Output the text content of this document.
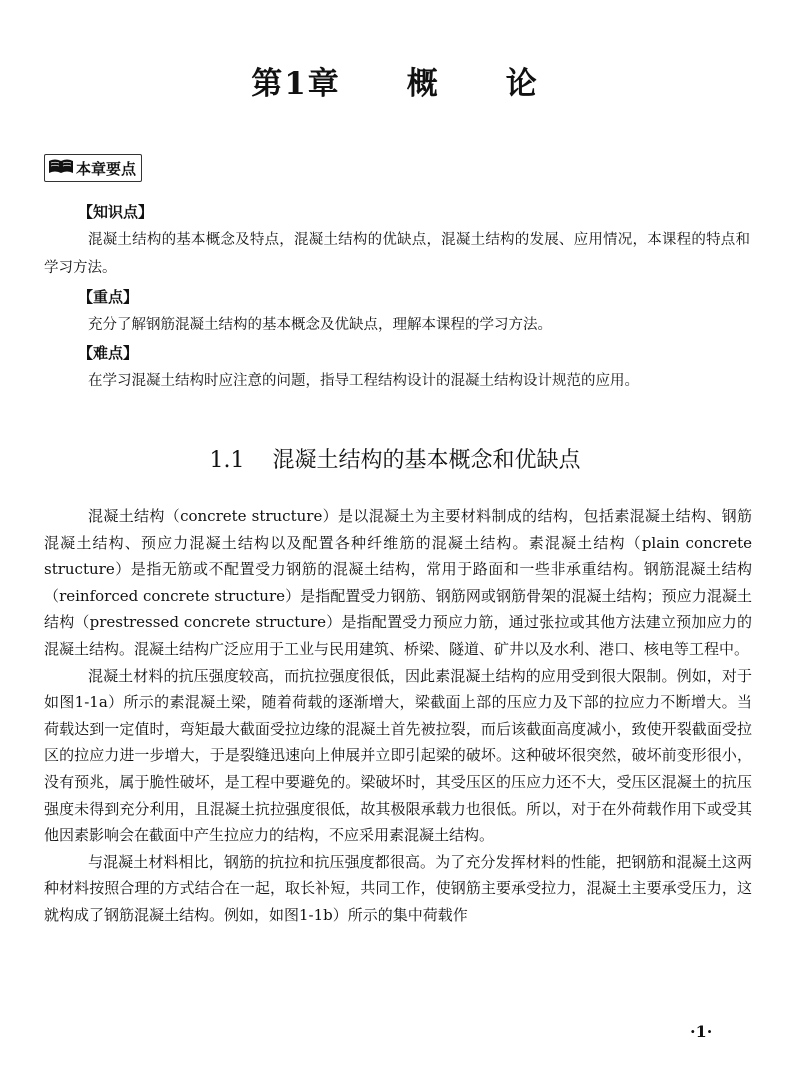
第1章 概 论
本章要点
【知识点】

混凝土结构的基本概念及特点，混凝土结构的优缺点，混凝土结构的发展、应用情况，本课程的特点和学习方法。

【重点】

充分了解钢筋混凝土结构的基本概念及优缺点，理解本课程的学习方法。

【难点】

在学习混凝土结构时应注意的问题，指导工程结构设计的混凝土结构设计规范的应用。

1.1 混凝土结构的基本概念和优缺点

混凝土结构（concrete structure）是以混凝土为主要材料制成的结构，包括素混凝土结构、钢筋混凝土结构、预应力混凝土结构以及配置各种纤维筋的混凝土结构。素混凝土结构（plain concrete structure）是指无筋或不配置受力钢筋的混凝土结构，常用于路面和一些非承重结构。钢筋混凝土结构（reinforced concrete structure）是指配置受力钢筋、钢筋网或钢筋骨架的混凝土结构；预应力混凝土结构（prestressed concrete structure）是指配置受力预应力筋，通过张拉或其他方法建立预加应力的混凝土结构。混凝土结构广泛应用于工业与民用建筑、桥梁、隧道、矿井以及水利、港口、核电等工程中。

混凝土材料的抗压强度较高，而抗拉强度很低，因此素混凝土结构的应用受到很大限制。例如，对于如图1-1a）所示的素混凝土梁，随着荷载的逐渐增大，梁截面上部的压应力及下部的拉应力不断增大。当荷载达到一定值时，弯矩最大截面受拉边缘的混凝土首先被拉裂，而后该截面高度减小，致使开裂截面受拉区的拉应力进一步增大，于是裂缝迅速向上伸展并立即引起梁的破坏。这种破坏很突然，破坏前变形很小，没有预兆，属于脆性破坏，是工程中要避免的。梁破坏时，其受压区的压应力还不大，受压区混凝土的抗压强度未得到充分利用，且混凝土抗拉强度很低，故其极限承载力也很低。所以，对于在外荷载作用下或受其他因素影响会在截面中产生拉应力的结构，不应采用素混凝土结构。

与混凝土材料相比，钢筋的抗拉和抗压强度都很高。为了充分发挥材料的性能，把钢筋和混凝土这两种材料按照合理的方式结合在一起，取长补短，共同工作，使钢筋主要承受拉力，混凝土主要承受压力，这就构成了钢筋混凝土结构。例如，如图1-1b）所示的集中荷载作

·1·
